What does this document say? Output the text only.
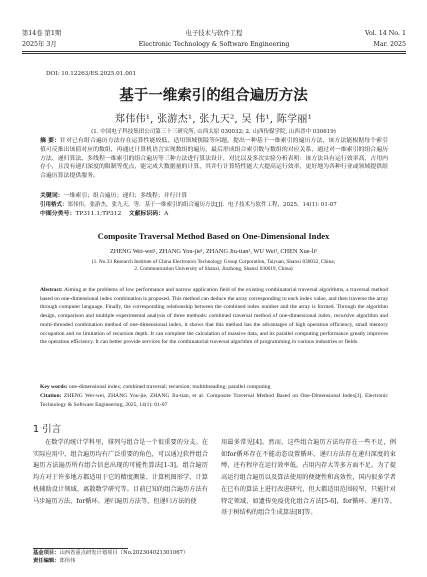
第14卷 第1期	电子技术与软件工程	Vol. 14 No. 1
2025年 3月	Electronic Technology & Software Engineering	Mar. 2025
DOI: 10.12263/ES.2025.01.001
基于一维索引的组合遍历方法
郑伟伟¹, 张游杰¹, 张九天², 吴 伟¹, 陈学丽¹
(1. 中国电子科技集团公司第三十三研究所, 山西太原 030032; 2. 山西传媒学院, 山西晋中 030619)
摘 要：针对已有组合遍历方法存在运算性能较低、适用领域狭隘等问题，提出一种基于一维索引的遍历方法，该方法能根据每个索引值可反推出该值对应的数组，再通过计算机语言实现数组的遍历，最后形成组合索引数与数组的对应关系，通过对一维索引的组合遍历方法、递归算法、多线程一维索引的组合遍历等三种方法进行算法设计，对比以及多次实验分析表明：该方法具有运行效率高，占用内存小，且没有递归深度的限制等优点，能完成大数据量的计算，其并行计算特性能大大提高运行效率，更好地为各种行业或领域提供组合遍历算法提供服务。
关键词：一维索引；组合遍历；递归；多线程；并行计算
引用格式：郑伟伟，张游杰，张九天，等．基于一维索引的组合遍历方法[J]．电子技术与软件工程，2025，14(1): 01-07
中图分类号：TP311.1;TP312 文献标识码：A
Composite Traversal Method Based on One-Dimensional Index
ZHENG Wei-wei¹, ZHANG You-jie¹, ZHANG Jiu-tian², WU Wei¹, CHEN Xue-li¹
(1. No.33 Research Institute of China Electronics Technology Group Corporation, Taiyuan, Shanxi 030032, China;
2. Communication University of Shanxi, Jinzhong, Shanxi 030619, China)
Abstract: Aiming at the problems of low performance and narrow application field of the existing combinatorial traversal algorithms, a traversal method based on one-dimensional index combination is proposed. This method can deduce the array corresponding to each index value, and then traverse the array through computer language. Finally, the corresponding relationship between the combined index number and the array is formed. Through the algorithm design, comparison and multiple experimental analysis of three methods: combined traversal method of one-dimensional index, recursive algorithm and multi-threaded combination method of one-dimensional index, it shows that this method has the advantages of high operation efficiency, small memory occupation and no limitation of recursion depth. It can complete the calculation of massive data, and its parallel computing performance greatly improves the operation efficiency. It can better provide services for the combinatorial traversal algorithm of programming in various industries or fields.
Key words: one-dimensional index; combined traversal; recursion; multithreading; parallel computing
Citation: ZHENG Wei-wei, ZHANG You-jie, ZHANG Jiu-tian, et al. Composite Traversal Method Based on One-Dimensional Index[J]. Electronic Technology & Software Engineering, 2025, 14(1): 01-07
1 引言
在数学的统计学科里，排列与组合是一个很重要的分支。在实际应用中，组合遍历均有广泛重要的角色，可以通过软件组合遍历方法遍历所有组合信息出现的可能性算法[1-3]。组合遍历均方对于许多地方都适用于它的精度测量、计算机图形学、计算机辅助设计领域、离散数学研究等。目前已知的组合遍历方法有马步遍历方法、for循环、递归遍历方法等，但递归方法的使
用最多常见[4]。然而，这些组合遍历方法均存在一些不足，例如for循环存在不能动态设置循环，递归方法存在递归深度的束缚，还有程序在运行效率低，占用内存大等多方面不足。为了提高运行组合遍历以及算法使用的便捷性和高效性，国内很多学者在已有的算法上进行改进研究，但大都适用范围较窄，只能针对特定领域，如遗传免疫优化组合方法[5-6]，for循环、递归等。基于树结构的组合生成算法[8]等。
基金项目：山西省重点研发计划项目（No.202304021301067）
责任编辑：郑伟伟
